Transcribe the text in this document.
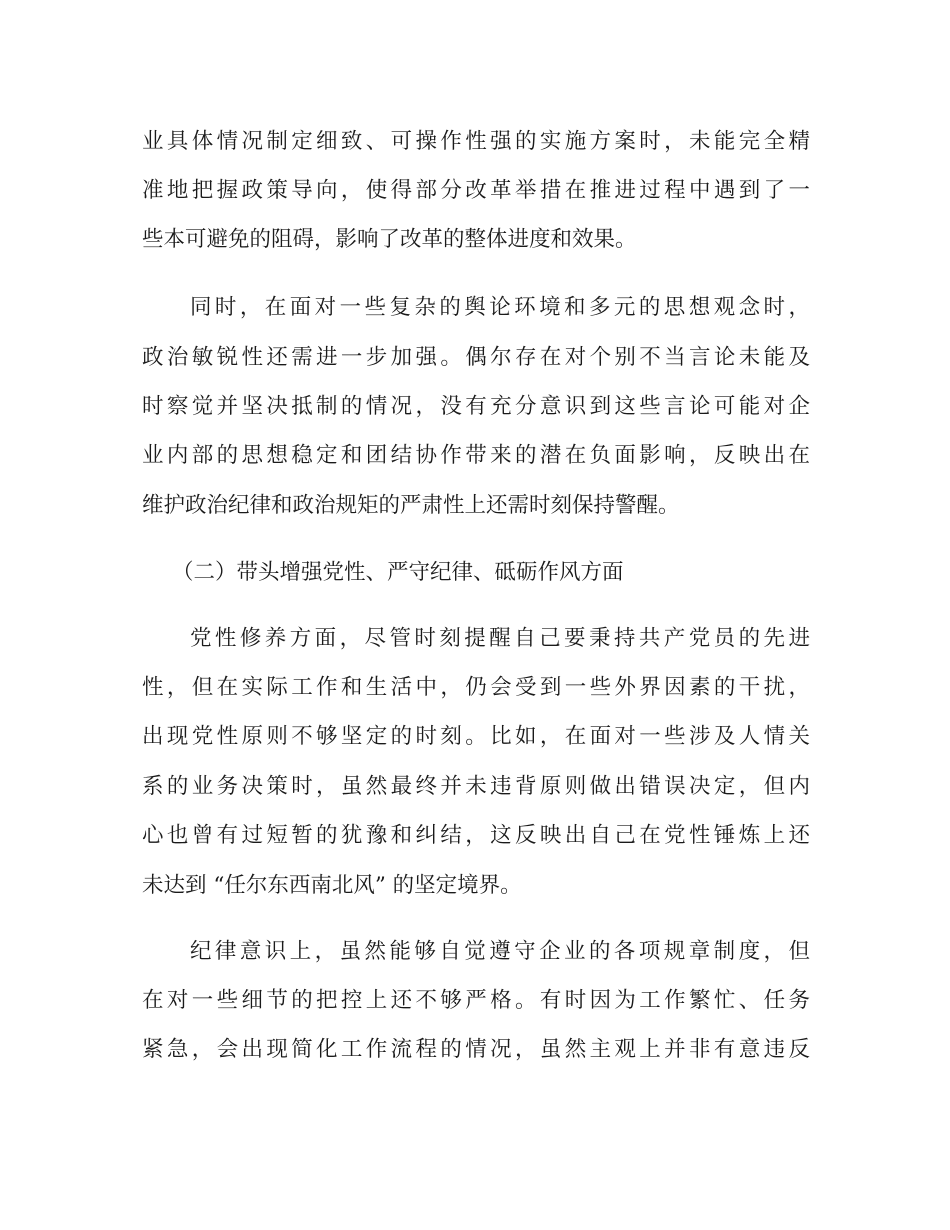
业具体情况制定细致、可操作性强的实施方案时，未能完全精
准地把握政策导向，使得部分改革举措在推进过程中遇到了一
些本可避免的阻碍，影响了改革的整体进度和效果。
同时，在面对一些复杂的舆论环境和多元的思想观念时，
政治敏锐性还需进一步加强。偶尔存在对个别不当言论未能及
时察觉并坚决抵制的情况，没有充分意识到这些言论可能对企
业内部的思想稳定和团结协作带来的潜在负面影响，反映出在
维护政治纪律和政治规矩的严肃性上还需时刻保持警醒。
（二）带头增强党性、严守纪律、砥砺作风方面
党性修养方面，尽管时刻提醒自己要秉持共产党员的先进
性，但在实际工作和生活中，仍会受到一些外界因素的干扰，
出现党性原则不够坚定的时刻。比如，在面对一些涉及人情关
系的业务决策时，虽然最终并未违背原则做出错误决定，但内
心也曾有过短暂的犹豫和纠结，这反映出自己在党性锤炼上还
未达到 “任尔东西南北风” 的坚定境界。
纪律意识上，虽然能够自觉遵守企业的各项规章制度，但
在对一些细节的把控上还不够严格。有时因为工作繁忙、任务
紧急，会出现简化工作流程的情况，虽然主观上并非有意违反
